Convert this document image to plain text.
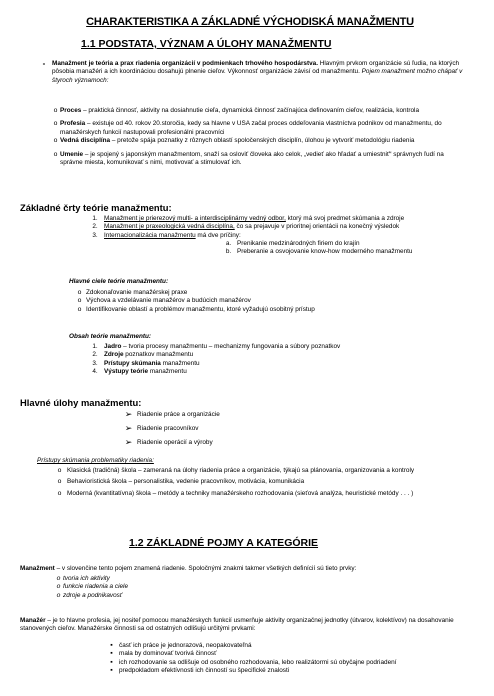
CHARAKTERISTIKA A ZÁKLADNÉ VÝCHODISKÁ MANAŽMENTU
1.1 PODSTATA, VÝZNAM A ÚLOHY MANAŽMENTU
-
Manažment je teória a prax riadenia organizácií v podmienkach trhového hospodárstva. Hlavným prvkom organizácie sú ľudia, na ktorých pôsobia manažéri a ich koordináciou dosahujú plnenie cieľov. Výkonnosť organizácie závisí od manažmentu. Pojem manažment možno chápať v štyroch významoch:
o
Proces – praktická činnosť, aktivity na dosiahnutie cieľa, dynamická činnosť začínajúca definovaním cieľov, realizácia, kontrola
o
Profesia – existuje od 40. rokov 20.storočia, kedy sa hlavne v USA začal proces oddeľovania vlastníctva podnikov od manažmentu, do manažérskych funkcií nastupovali profesionálni pracovníci
o
Vedná disciplína – pretože spája poznatky z rôznych oblastí spoločenských disciplín, úlohou je vytvoriť metodológiu riadenia
o
Umenie – je spojený s japonským manažmentom, snaží sa osloviť človeka ako celok, „vedieť ako hľadať a umiestniť“ správnych ľudí na správne miesta, komunikovať s nimi, motivovať a stimulovať ich.
Základné črty teórie manažmentu:
1. Manažment je prierezový multi- a interdisciplinárny vedný odbor, ktorý má svoj predmet skúmania a zdroje
2. Manažment je praxeologická vedná disciplína, čo sa prejavuje v prioritnej orientácii na konečný výsledok
3. Internacionalizácia manažmentu má dve príčiny:
a. Prenikanie medzinárodných firiem do krajín
b. Preberanie a osvojovanie know-how moderného manažmentu
Hlavné ciele teórie manažmentu:
o
Zdokonaľovanie manažérskej praxe
o
Výchova a vzdelávanie manažérov a budúcich manažérov
o
Identifikovanie oblastí a problémov manažmentu, ktoré vyžadujú osobitný prístup
Obsah teórie manažmentu:
1. Jadro – tvoria procesy manažmentu – mechanizmy fungovania a súbory poznatkov
2. Zdroje poznatkov manažmentu
3. Prístupy skúmania manažmentu
4. Výstupy teórie manažmentu
Hlavné úlohy manažmentu:
➢
Riadenie práce a organizácie
➢
Riadenie pracovníkov
➢
Riadenie operácií a výroby
Prístupy skúmania problematiky riadenia:
o
Klasická (tradičná) škola – zameraná na úlohy riadenia práce a organizácie, týkajú sa plánovania, organizovania a kontroly
o
Behavioristická škola – personalistika, vedenie pracovníkov, motivácia, komunikácia
o
Moderná (kvantitatívna) škola – metódy a techniky manažérskeho rozhodovania (sieťová analýza, heuristické metódy . . . )
1.2 ZÁKLADNÉ POJMY A KATEGÓRIE
Manažment – v slovenčine tento pojem znamená riadenie. Spoločnými znakmi takmer všetkých definícií sú tieto prvky:
o
tvoria ich aktivity
o
funkcie riadenia a ciele
o
zdroje a podnikavosť
Manažér – je to hlavne profesia, jej nositeľ pomocou manažérskych funkcií usmerňuje aktivity organizačnej jednotky (útvarov, kolektívov) na dosahovanie stanovených cieľov. Manažérske činnosti sa od ostatných odlišujú určitými prvkami:
▪
časť ich práce je jednorazová, neopakovateľná
▪
mala by dominovať tvorivá činnosť
▪
ich rozhodovanie sa odlišuje od osobného rozhodovania, lebo realizátormi sú obyčajne podriadení
▪
predpokladom efektívnosti ich činností su špecifické znalosti
